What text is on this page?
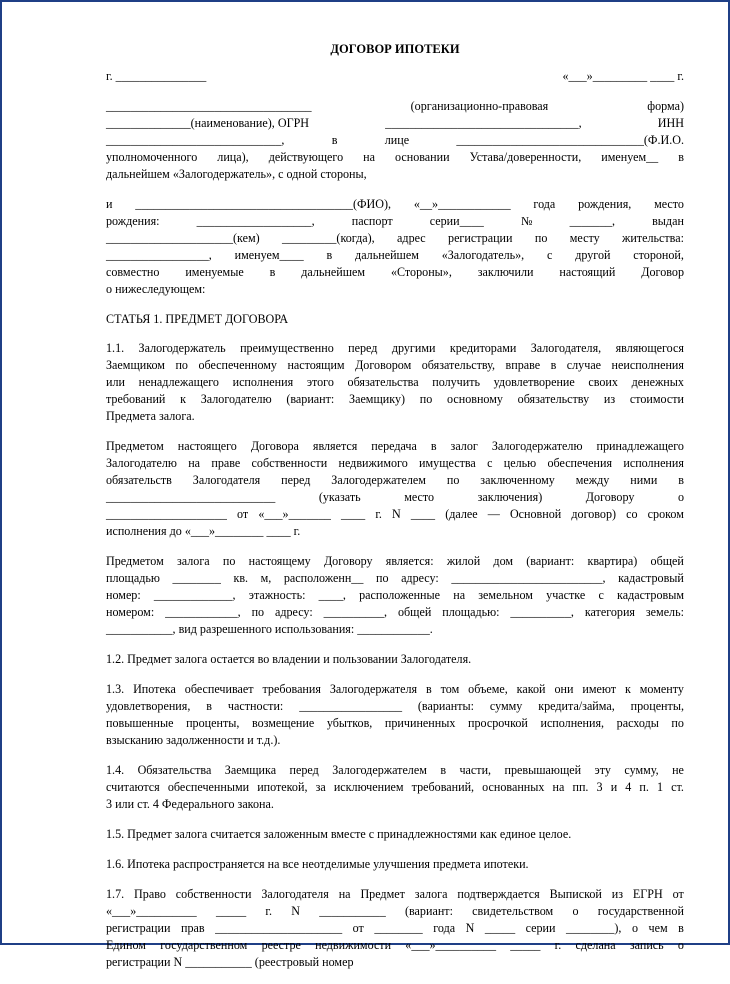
ДОГОВОР ИПОТЕКИ
г. _______________	«___»_________ ____ г.
__________________________________	(организационно-правовая	форма)
______________(наименование), ОГРН	________________________________,	ИНН
_____________________________,	в	лице	_______________________________(Ф.И.О.
уполномоченного лица), действующего на основании Устава/доверенности, именуем__ в
дальнейшем «Залогодержатель», с одной стороны,
и ____________________________________(ФИО), «__»____________ года рождения, место
рождения:	___________________,	паспорт	серии____	№	_______,	выдан
_____________________(кем) _________(когда), адрес регистрации по месту жительства:
_________________, именуем____ в дальнейшем «Залогодатель», с другой стороной,
совместно именуемые в дальнейшем «Стороны», заключили настоящий Договор
о нижеследующем:
СТАТЬЯ 1. ПРЕДМЕТ ДОГОВОРА
1.1. Залогодержатель преимущественно перед другими кредиторами Залогодателя, являющегося
Заемщиком по обеспеченному настоящим Договором обязательству, вправе в случае неисполнения
или ненадлежащего исполнения этого обязательства получить удовлетворение своих денежных
требований к Залогодателю (вариант: Заемщику) по основному обязательству из стоимости
Предмета залога.
Предметом настоящего Договора является передача в залог Залогодержателю принадлежащего
Залогодателю на праве собственности недвижимого имущества с целью обеспечения исполнения
обязательств Залогодателя перед Залогодержателем по заключенному между ними в
____________________________	(указать	место	заключения)	Договору	о
____________________ от «___»_______ ____ г. N ____ (далее — Основной договор) со сроком
исполнения до «___»________ ____ г.
Предметом залога по настоящему Договору является: жилой дом (вариант: квартира) общей
площадью ________ кв. м, расположенн__ по адресу: _________________________, кадастровый
номер: _____________, этажность: ____, расположенные на земельном участке с кадастровым
номером: ____________, по адресу: __________, общей площадью: __________, категория земель:
___________, вид разрешенного использования: ____________.
1.2. Предмет залога остается во владении и пользовании Залогодателя.
1.3. Ипотека обеспечивает требования Залогодержателя в том объеме, какой они имеют к моменту
удовлетворения, в частности: _________________ (варианты: сумму кредита/займа, проценты,
повышенные проценты, возмещение убытков, причиненных просрочкой исполнения, расходы по
взысканию задолженности и т.д.).
1.4. Обязательства Заемщика перед Залогодержателем в части, превышающей эту сумму, не
считаются обеспеченными ипотекой, за исключением требований, основанных на пп. 3 и 4 п. 1 ст.
3 или ст. 4 Федерального закона.
1.5. Предмет залога считается заложенным вместе с принадлежностями как единое целое.
1.6. Ипотека распространяется на все неотделимые улучшения предмета ипотеки.
1.7. Право собственности Залогодателя на Предмет залога подтверждается Выпиской из ЕГРН от
«___»__________ _____ г. N ___________ (вариант: свидетельством о государственной
регистрации прав _____________________ от ________ года N _____ серии ________), о чем в
Едином государственном реестре недвижимости «___»__________ _____ г. сделана запись о
регистрации N ___________ (реестровый номер
